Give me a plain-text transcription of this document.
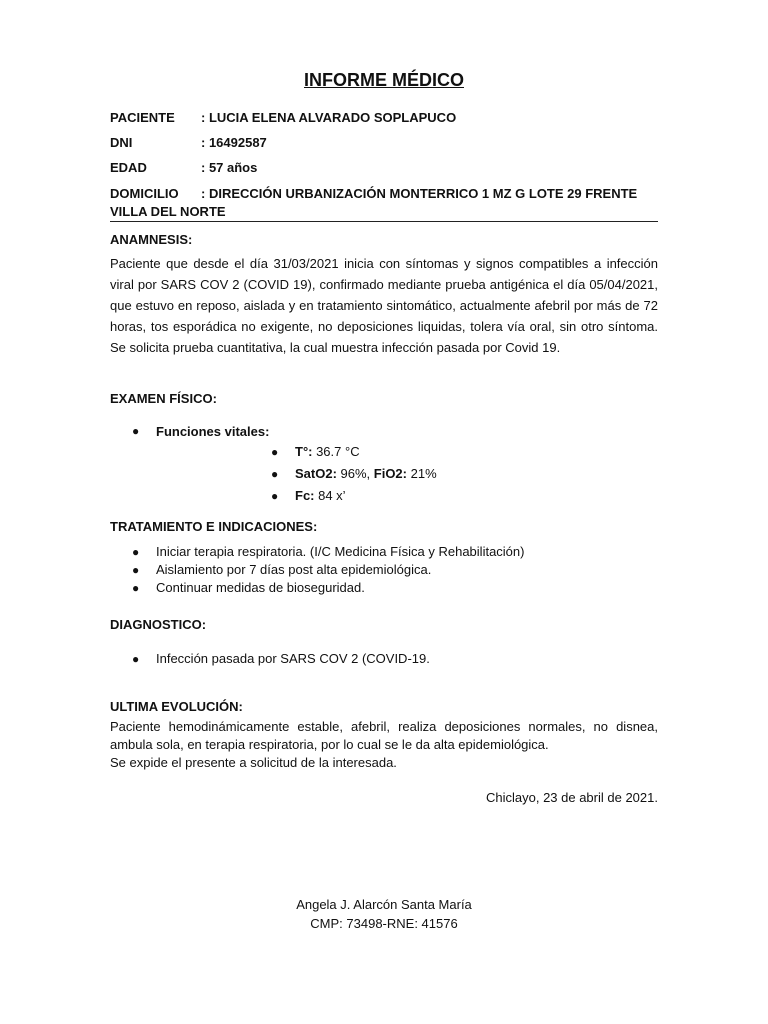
INFORME MÉDICO
PACIENTE : LUCIA ELENA ALVARADO SOPLAPUCO
DNI	: 16492587
EDAD	: 57 años
DOMICILIO : DIRECCIÓN URBANIZACIÓN MONTERRICO 1 MZ G LOTE 29 FRENTE VILLA DEL NORTE
ANAMNESIS:
Paciente que desde el día 31/03/2021 inicia con síntomas y signos compatibles a infección viral por SARS COV 2 (COVID 19), confirmado mediante prueba antigénica el día 05/04/2021, que estuvo en reposo, aislada y en tratamiento sintomático, actualmente afebril por más de 72 horas, tos esporádica no exigente, no deposiciones liquidas, tolera vía oral, sin otro síntoma. Se solicita prueba cuantitativa, la cual muestra infección pasada por Covid 19.
EXAMEN FÍSICO:
● Funciones vitales:
● T°: 36.7 °C
● SatO2: 96%, FiO2: 21%
● Fc: 84 x’
TRATAMIENTO E INDICACIONES:
● Iniciar terapia respiratoria. (I/C Medicina Física y Rehabilitación)
● Aislamiento por 7 días post alta epidemiológica.
● Continuar medidas de bioseguridad.
DIAGNOSTICO:
● Infección pasada por SARS COV 2 (COVID-19.
ULTIMA EVOLUCIÓN:
Paciente hemodinámicamente estable, afebril, realiza deposiciones normales, no disnea, ambula sola, en terapia respiratoria, por lo cual se le da alta epidemiológica.
Se expide el presente a solicitud de la interesada.
Chiclayo, 23 de abril de 2021.
Angela J. Alarcón Santa María
CMP: 73498-RNE: 41576
